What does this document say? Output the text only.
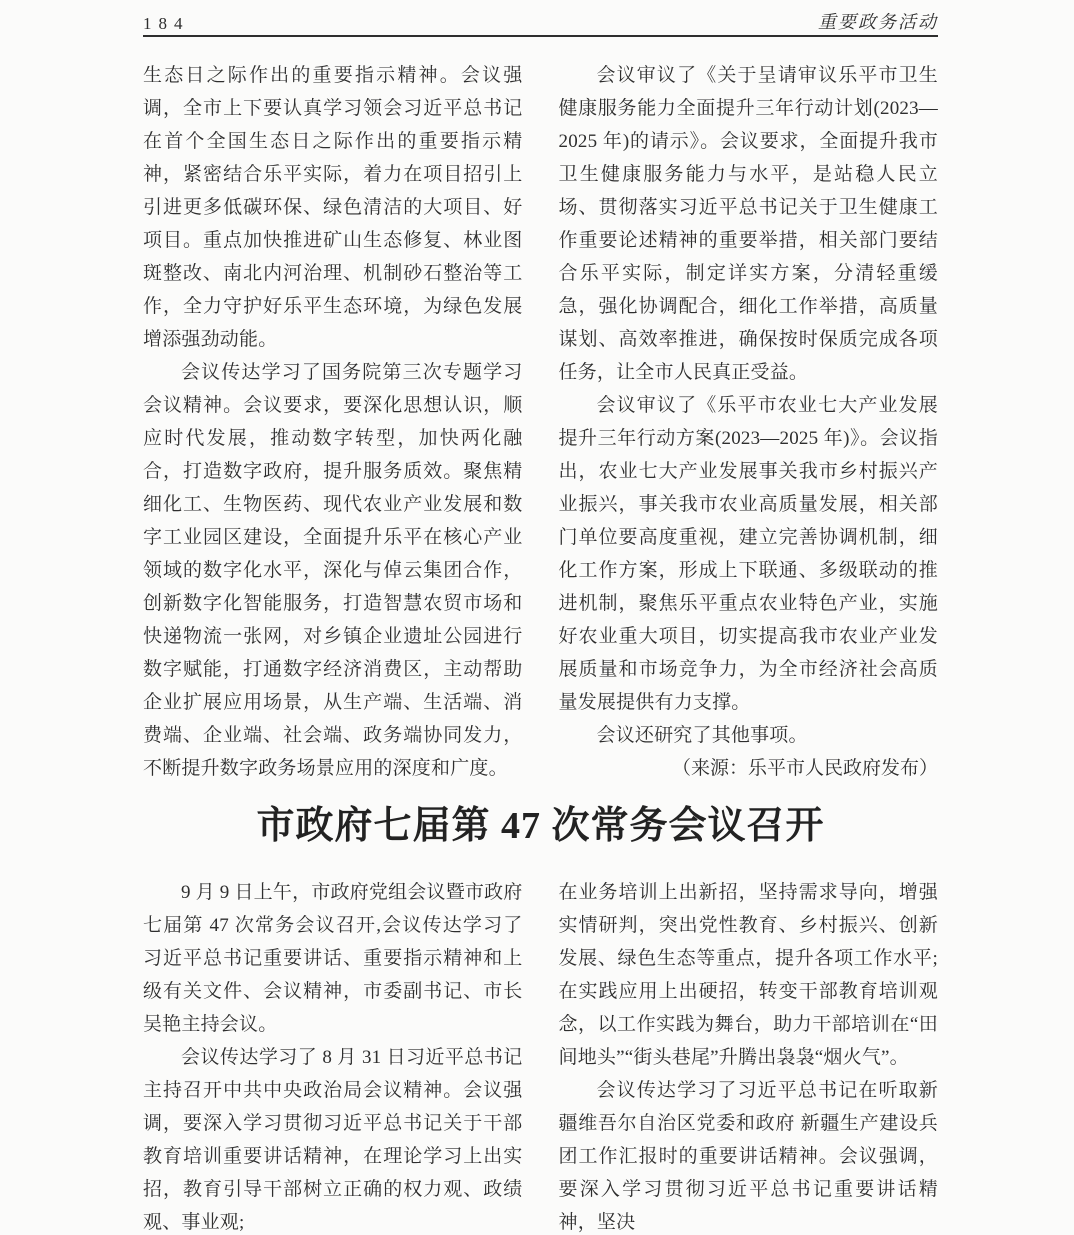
184	重要政务活动

生态日之际作出的重要指示精神。会议强调，全市上下要认真学习领会习近平总书记在首个全国生态日之际作出的重要指示精神，紧密结合乐平实际，着力在项目招引上引进更多低碳环保、绿色清洁的大项目、好项目。重点加快推进矿山生态修复、林业图斑整改、南北内河治理、机制砂石整治等工作，全力守护好乐平生态环境，为绿色发展增添强劲动能。

会议传达学习了国务院第三次专题学习会议精神。会议要求，要深化思想认识，顺应时代发展，推动数字转型，加快两化融合，打造数字政府，提升服务质效。聚焦精细化工、生物医药、现代农业产业发展和数字工业园区建设，全面提升乐平在核心产业领域的数字化水平，深化与倬云集团合作，创新数字化智能服务，打造智慧农贸市场和快递物流一张网，对乡镇企业遗址公园进行数字赋能，打通数字经济消费区，主动帮助企业扩展应用场景，从生产端、生活端、消费端、企业端、社会端、政务端协同发力，不断提升数字政务场景应用的深度和广度。

会议审议了《关于呈请审议乐平市卫生健康服务能力全面提升三年行动计划(2023—2025 年)的请示》。会议要求，全面提升我市卫生健康服务能力与水平，是站稳人民立场、贯彻落实习近平总书记关于卫生健康工作重要论述精神的重要举措，相关部门要结合乐平实际，制定详实方案，分清轻重缓急，强化协调配合，细化工作举措，高质量谋划、高效率推进，确保按时保质完成各项任务，让全市人民真正受益。

会议审议了《乐平市农业七大产业发展提升三年行动方案(2023—2025 年)》。会议指出，农业七大产业发展事关我市乡村振兴产业振兴，事关我市农业高质量发展，相关部门单位要高度重视，建立完善协调机制，细化工作方案，形成上下联通、多级联动的推进机制，聚焦乐平重点农业特色产业，实施好农业重大项目，切实提高我市农业产业发展质量和市场竞争力，为全市经济社会高质量发展提供有力支撑。

会议还研究了其他事项。

（来源：乐平市人民政府发布）

市政府七届第 47 次常务会议召开

9 月 9 日上午，市政府党组会议暨市政府七届第 47 次常务会议召开,会议传达学习了习近平总书记重要讲话、重要指示精神和上级有关文件、会议精神，市委副书记、市长吴艳主持会议。

会议传达学习了 8 月 31 日习近平总书记主持召开中共中央政治局会议精神。会议强调，要深入学习贯彻习近平总书记关于干部教育培训重要讲话精神，在理论学习上出实招，教育引导干部树立正确的权力观、政绩观、事业观;

在业务培训上出新招，坚持需求导向，增强实情研判，突出党性教育、乡村振兴、创新发展、绿色生态等重点，提升各项工作水平;在实践应用上出硬招，转变干部教育培训观念，以工作实践为舞台，助力干部培训在“田间地头”“街头巷尾”升腾出袅袅“烟火气”。

会议传达学习了习近平总书记在听取新疆维吾尔自治区党委和政府 新疆生产建设兵团工作汇报时的重要讲话精神。会议强调，要深入学习贯彻习近平总书记重要讲话精神，坚决
